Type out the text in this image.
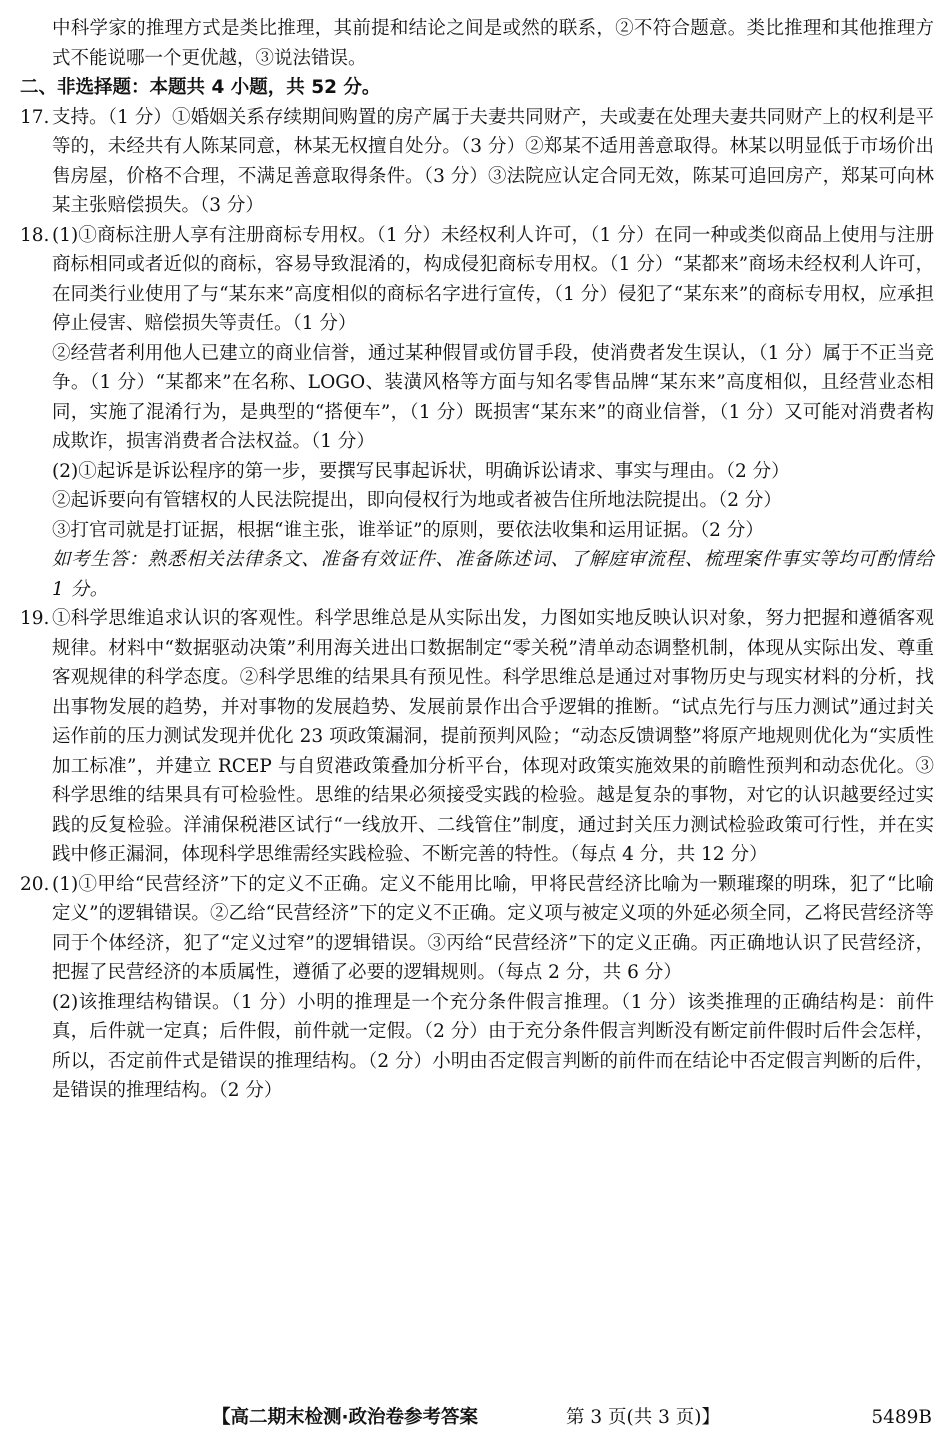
中科学家的推理方式是类比推理，其前提和结论之间是或然的联系，②不符合题意。类比推理和其他推理方式不能说哪一个更优越，③说法错误。

二、非选择题：本题共 4 小题，共 52 分。

17. 支持。（1 分）①婚姻关系存续期间购置的房产属于夫妻共同财产，夫或妻在处理夫妻共同财产上的权利是平等的，未经共有人陈某同意，林某无权擅自处分。（3 分）②郑某不适用善意取得。林某以明显低于市场价出售房屋，价格不合理，不满足善意取得条件。（3 分）③法院应认定合同无效，陈某可追回房产，郑某可向林某主张赔偿损失。（3 分）

18. (1)①商标注册人享有注册商标专用权。（1 分）未经权利人许可，（1 分）在同一种或类似商品上使用与注册商标相同或者近似的商标，容易导致混淆的，构成侵犯商标专用权。（1 分）“某都来”商场未经权利人许可，在同类行业使用了与“某东来”高度相似的商标名字进行宣传，（1 分）侵犯了“某东来”的商标专用权，应承担停止侵害、赔偿损失等责任。（1 分）

②经营者利用他人已建立的商业信誉，通过某种假冒或仿冒手段，使消费者发生误认，（1 分）属于不正当竞争。（1 分）“某都来”在名称、LOGO、装潢风格等方面与知名零售品牌“某东来”高度相似，且经营业态相同，实施了混淆行为，是典型的“搭便车”，（1 分）既损害“某东来”的商业信誉，（1 分）又可能对消费者构成欺诈，损害消费者合法权益。（1 分）

(2)①起诉是诉讼程序的第一步，要撰写民事起诉状，明确诉讼请求、事实与理由。（2 分）

②起诉要向有管辖权的人民法院提出，即向侵权行为地或者被告住所地法院提出。（2 分）

③打官司就是打证据，根据“谁主张，谁举证”的原则，要依法收集和运用证据。（2 分）

如考生答：熟悉相关法律条文、准备有效证件、准备陈述词、了解庭审流程、梳理案件事实等均可酌情给 1 分。

19. ①科学思维追求认识的客观性。科学思维总是从实际出发，力图如实地反映认识对象，努力把握和遵循客观规律。材料中“数据驱动决策”利用海关进出口数据制定“零关税”清单动态调整机制，体现从实际出发、尊重客观规律的科学态度。②科学思维的结果具有预见性。科学思维总是通过对事物历史与现实材料的分析，找出事物发展的趋势，并对事物的发展趋势、发展前景作出合乎逻辑的推断。“试点先行与压力测试”通过封关运作前的压力测试发现并优化 23 项政策漏洞，提前预判风险；“动态反馈调整”将原产地规则优化为“实质性加工标准”，并建立 RCEP 与自贸港政策叠加分析平台，体现对政策实施效果的前瞻性预判和动态优化。③科学思维的结果具有可检验性。思维的结果必须接受实践的检验。越是复杂的事物，对它的认识越要经过实践的反复检验。洋浦保税港区试行“一线放开、二线管住”制度，通过封关压力测试检验政策可行性，并在实践中修正漏洞，体现科学思维需经实践检验、不断完善的特性。（每点 4 分，共 12 分）

20. (1)①甲给“民营经济”下的定义不正确。定义不能用比喻，甲将民营经济比喻为一颗璀璨的明珠，犯了“比喻定义”的逻辑错误。②乙给“民营经济”下的定义不正确。定义项与被定义项的外延必须全同，乙将民营经济等同于个体经济，犯了“定义过窄”的逻辑错误。③丙给“民营经济”下的定义正确。丙正确地认识了民营经济，把握了民营经济的本质属性，遵循了必要的逻辑规则。（每点 2 分，共 6 分）

(2)该推理结构错误。（1 分）小明的推理是一个充分条件假言推理。（1 分）该类推理的正确结构是：前件真，后件就一定真；后件假，前件就一定假。（2 分）由于充分条件假言判断没有断定前件假时后件会怎样，所以，否定前件式是错误的推理结构。（2 分）小明由否定假言判断的前件而在结论中否定假言判断的后件，是错误的推理结构。（2 分）

【高二期末检测·政治卷参考答案	第 3 页(共 3 页)】	5489B
